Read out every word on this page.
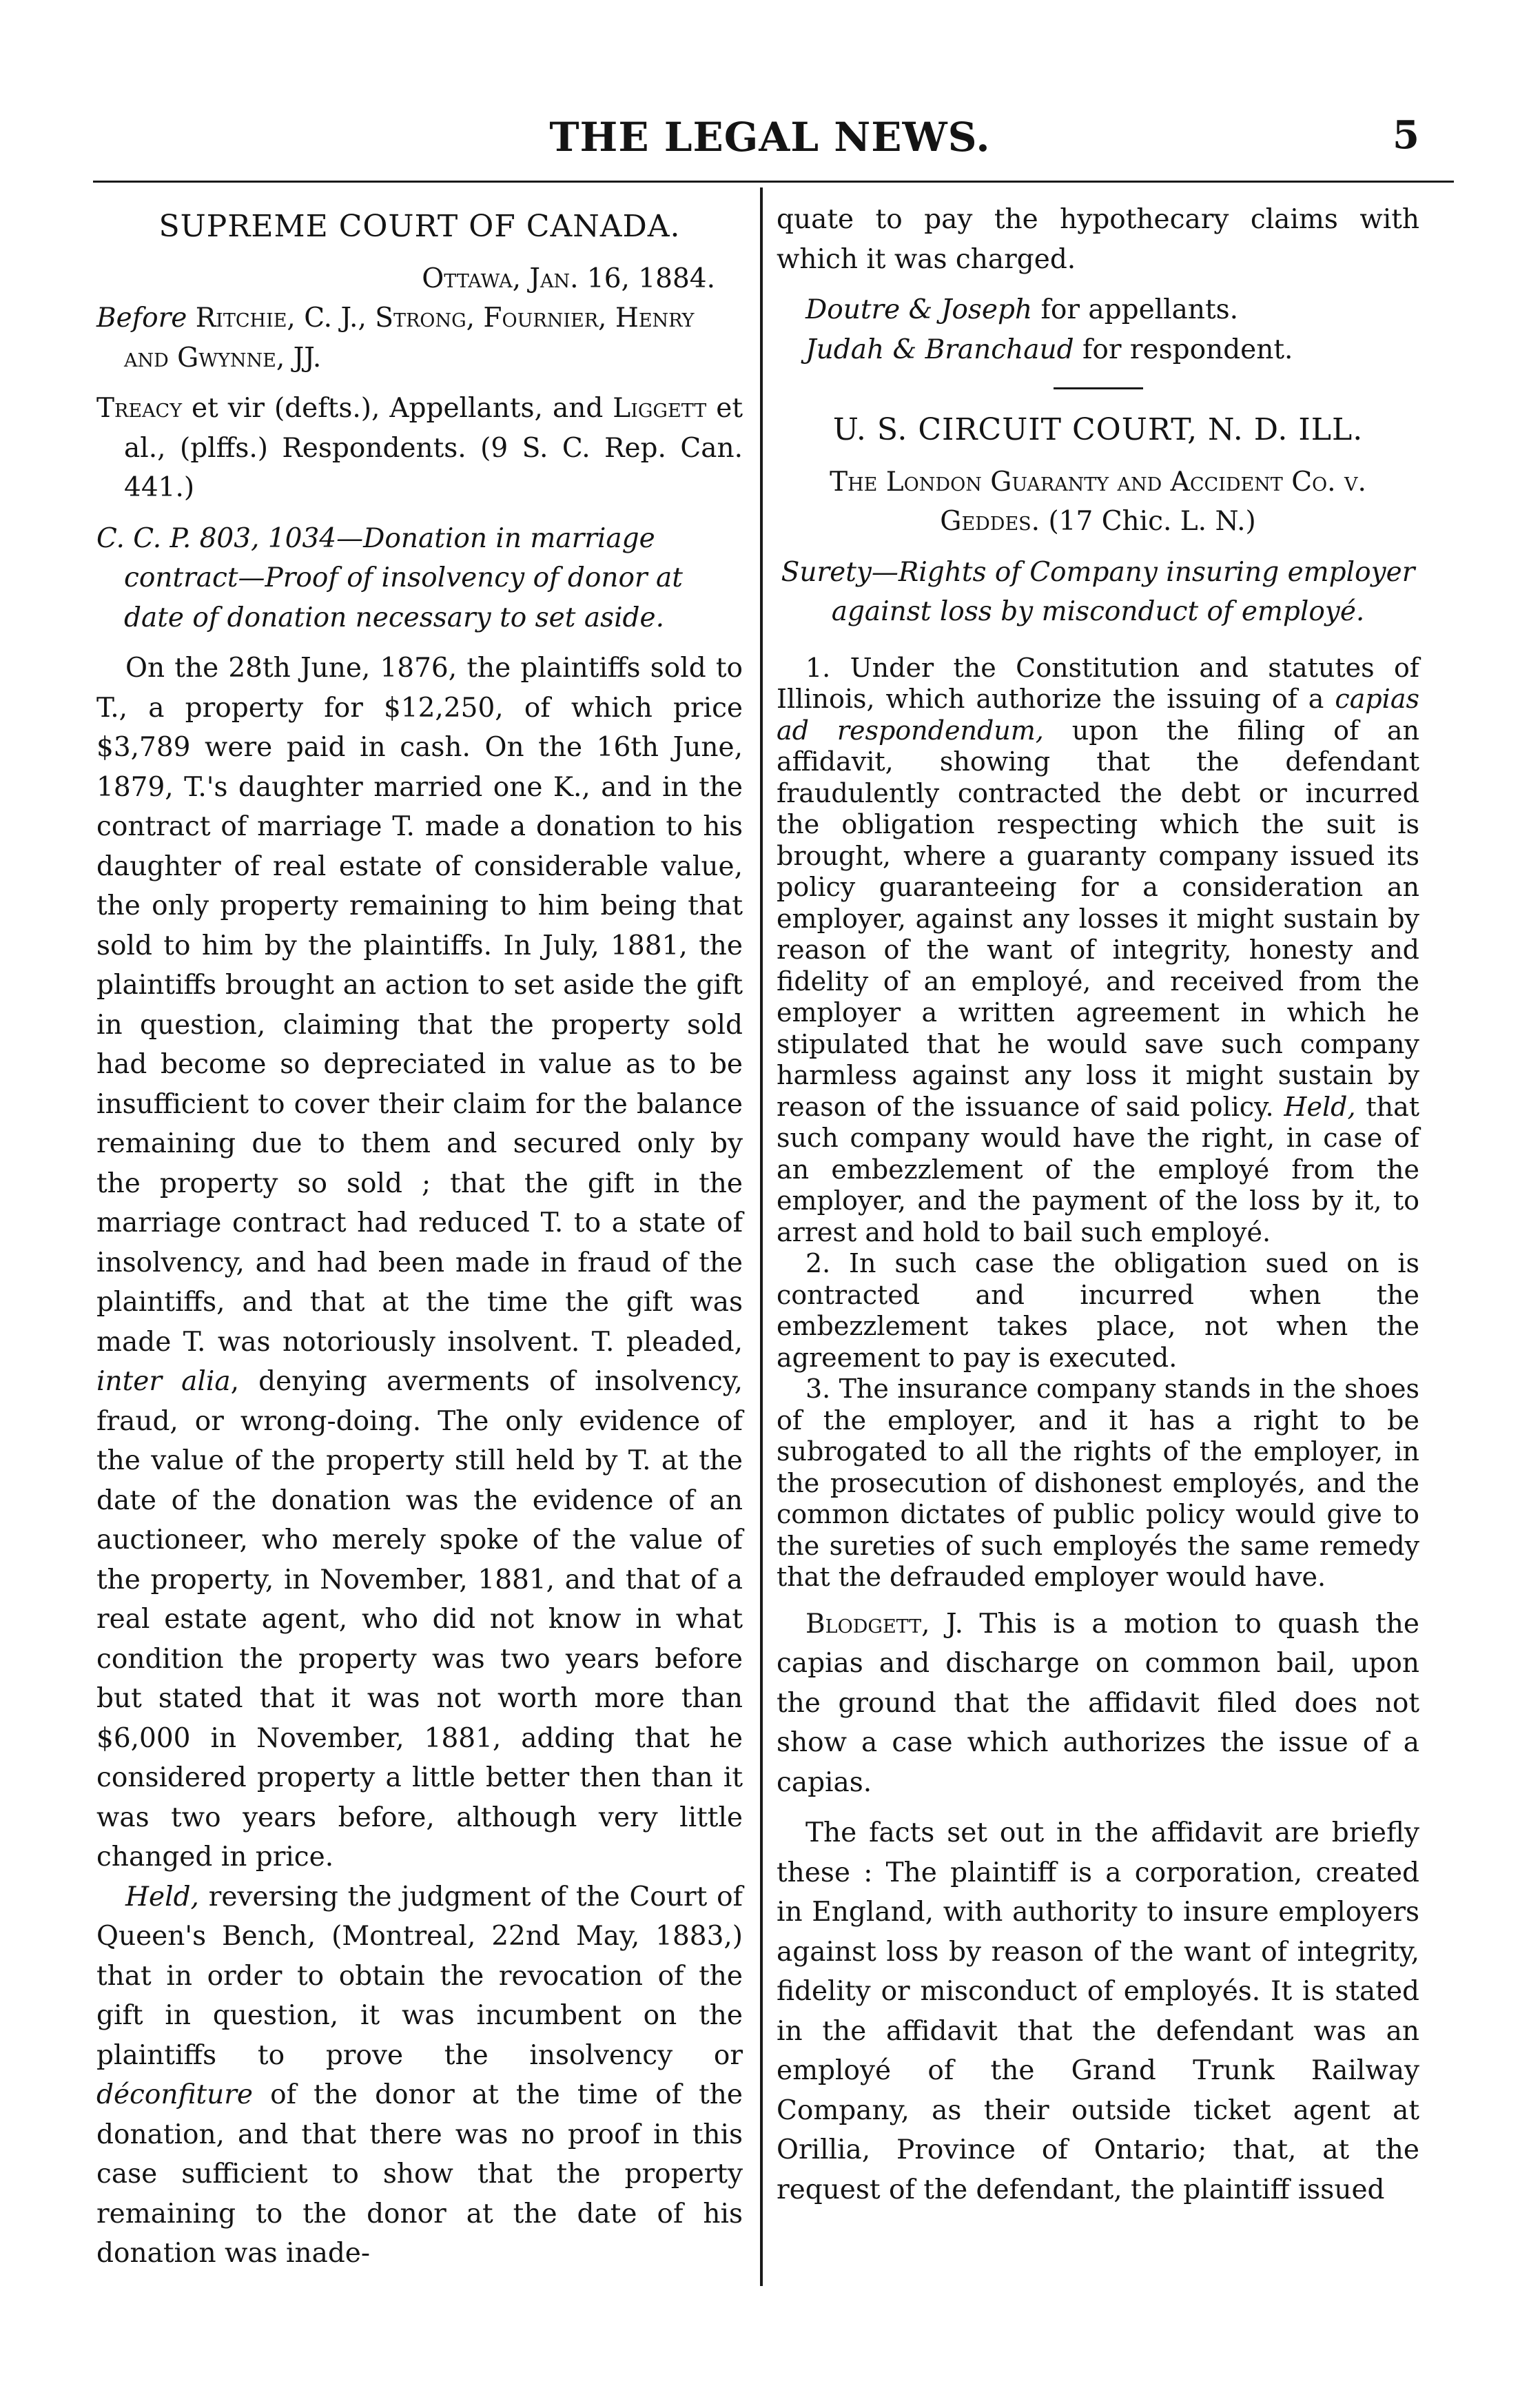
THE LEGAL NEWS.	5
SUPREME COURT OF CANADA.

Ottawa, Jan. 16, 1884.

Before Ritchie, C. J., Strong, Fournier, Henry and Gwynne, JJ.

Treacy et vir (defts.), Appellants, and Liggett et al., (plffs.) Respondents. (9 S. C. Rep. Can. 441.)

C. C. P. 803, 1034—Donation in marriage contract—Proof of insolvency of donor at date of donation necessary to set aside.

On the 28th June, 1876, the plaintiffs sold to T., a property for $12,250, of which price $3,789 were paid in cash. On the 16th June, 1879, T.'s daughter married one K., and in the contract of marriage T. made a donation to his daughter of real estate of considerable value, the only property remaining to him being that sold to him by the plaintiffs. In July, 1881, the plaintiffs brought an action to set aside the gift in question, claiming that the property sold had become so depreciated in value as to be insufficient to cover their claim for the balance remaining due to them and secured only by the property so sold ; that the gift in the marriage contract had reduced T. to a state of insolvency, and had been made in fraud of the plaintiffs, and that at the time the gift was made T. was notoriously insolvent. T. pleaded, inter alia, denying averments of insolvency, fraud, or wrong-doing. The only evidence of the value of the property still held by T. at the date of the donation was the evidence of an auctioneer, who merely spoke of the value of the property, in November, 1881, and that of a real estate agent, who did not know in what condition the property was two years before but stated that it was not worth more than $6,000 in November, 1881, adding that he considered property a little better then than it was two years before, although very little changed in price.

Held, reversing the judgment of the Court of Queen's Bench, (Montreal, 22nd May, 1883,) that in order to obtain the revocation of the gift in question, it was incumbent on the plaintiffs to prove the insolvency or déconfiture of the donor at the time of the donation, and that there was no proof in this case sufficient to show that the property remaining to the donor at the date of his donation was inade-

quate to pay the hypothecary claims with which it was charged.

Doutre & Joseph for appellants.

Judah & Branchaud for respondent.

U. S. CIRCUIT COURT, N. D. ILL.

The London Guaranty and Accident Co. v. Geddes. (17 Chic. L. N.)

Surety—Rights of Company insuring employer against loss by misconduct of employé.

1. Under the Constitution and statutes of Illinois, which authorize the issuing of a capias ad respondendum, upon the filing of an affidavit, showing that the defendant fraudulently contracted the debt or incurred the obligation respecting which the suit is brought, where a guaranty company issued its policy guaranteeing for a consideration an employer, against any losses it might sustain by reason of the want of integrity, honesty and fidelity of an employé, and received from the employer a written agreement in which he stipulated that he would save such company harmless against any loss it might sustain by reason of the issuance of said policy. Held, that such company would have the right, in case of an embezzlement of the employé from the employer, and the payment of the loss by it, to arrest and hold to bail such employé.

2. In such case the obligation sued on is contracted and incurred when the embezzlement takes place, not when the agreement to pay is executed.

3. The insurance company stands in the shoes of the employer, and it has a right to be subrogated to all the rights of the employer, in the prosecution of dishonest employés, and the common dictates of public policy would give to the sureties of such employés the same remedy that the defrauded employer would have.

Blodgett, J. This is a motion to quash the capias and discharge on common bail, upon the ground that the affidavit filed does not show a case which authorizes the issue of a capias.

The facts set out in the affidavit are briefly these : The plaintiff is a corporation, created in England, with authority to insure employers against loss by reason of the want of integrity, fidelity or misconduct of employés. It is stated in the affidavit that the defendant was an employé of the Grand Trunk Railway Company, as their outside ticket agent at Orillia, Province of Ontario; that, at the request of the defendant, the plaintiff issued
